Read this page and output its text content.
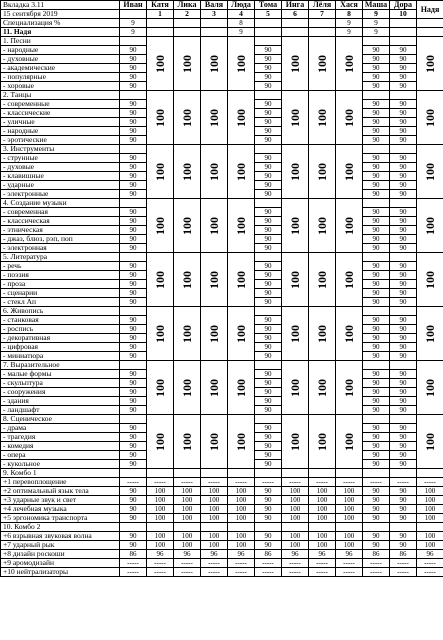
Вкладка 3.11	Иван	Катя	Лика	Валя	Люда	Тома	Инга	Лёля	Хася	Маша	Дора	Надя
15 сентября 2019		1	2	3	4	5	6	7	8	9	10	
Специализация %	9				8				9	9		
11. Надя	9				9				9	9		
1. Песни		100	100	100	100		100	100	100			100
- народные	90					90				90	90	
- духовные	90					90				90	90	
- академические	90					90				90	90	
- популярные	90					90				90	90	
- хоровые	90					90				90	90	
2. Танцы		100	100	100	100		100	100	100			100
- современные	90					90				90	90	
- классические	90					90				90	90	
- уличные	90					90				90	90	
- народные	90					90				90	90	
- эротические	90					90				90	90	
3. Инструменты		100	100	100	100		100	100	100			100
- струнные	90					90				90	90	
- духовые	90					90				90	90	
- клавишные	90					90				90	90	
- ударные	90					90				90	90	
- электронные	90					90				90	90	
4. Создание музыки		100	100	100	100		100	100	100			100
- современная	90					90				90	90	
- классическая	90					90				90	90	
- этническая	90					90				90	90	
- джаз, блюз, рэп, поп	90					90				90	90	
- электронная	90					90				90	90	
5. Литература		100	100	100	100		100	100	100			100
- речь	90					90				90	90	
- поэзия	90					90				90	90	
- проза	90					90				90	90	
- сценарии	90					90				90	90	
- стекл Ап	90					90				90	90	
6. Живопись		100	100	100	100		100	100	100			100
- станковая	90					90				90	90	
- роспись	90					90				90	90	
- декоративная	90					90				90	90	
- цифровая	90					90				90	90	
- миниатюра	90					90				90	90	
7. Выразительное		100	100	100	100		100	100	100			100
- малые формы	90					90				90	90	
- скульптура	90					90				90	90	
- сооружения	90					90				90	90	
- здания	90					90				90	90	
- ландшафт	90					90				90	90	
8. Сценическое		100	100	100	100		100	100	100			100
- драма	90					90				90	90	
- трагедия	90					90				90	90	
- комедия	90					90				90	90	
- опера	90					90				90	90	
- кукольное	90					90				90	90	
9. Комбо 1												
+1 перевоплощение	-----	-----	-----	-----	-----	-----	-----	-----	-----	-----	-----	-----
+2 оптимальный язык тела	90	100	100	100	100	90	100	100	100	90	90	100
+3 ударные звук и свет	90	100	100	100	100	90	100	100	100	90	90	100
+4 лечебная музыка	90	100	100	100	100	90	100	100	100	90	90	100
+5 эргономика транспорта	90	100	100	100	100	90	100	100	100	90	90	100
10. Комбо 2												
+6 взрывная звуковая волна	90	100	100	100	100	90	100	100	100	90	90	100
+7 ударный рык	90	100	100	100	100	90	100	100	100	90	90	100
+8 дизайн роскоши	86	96	96	96	96	86	96	96	96	86	86	96
+9 аромодизайн	-----	-----	-----	-----	-----	-----	-----	-----	-----	-----	-----	-----
+10 нейтрализаторы	-----	-----	-----	-----	-----	-----	-----	-----	-----	-----	-----	-----
